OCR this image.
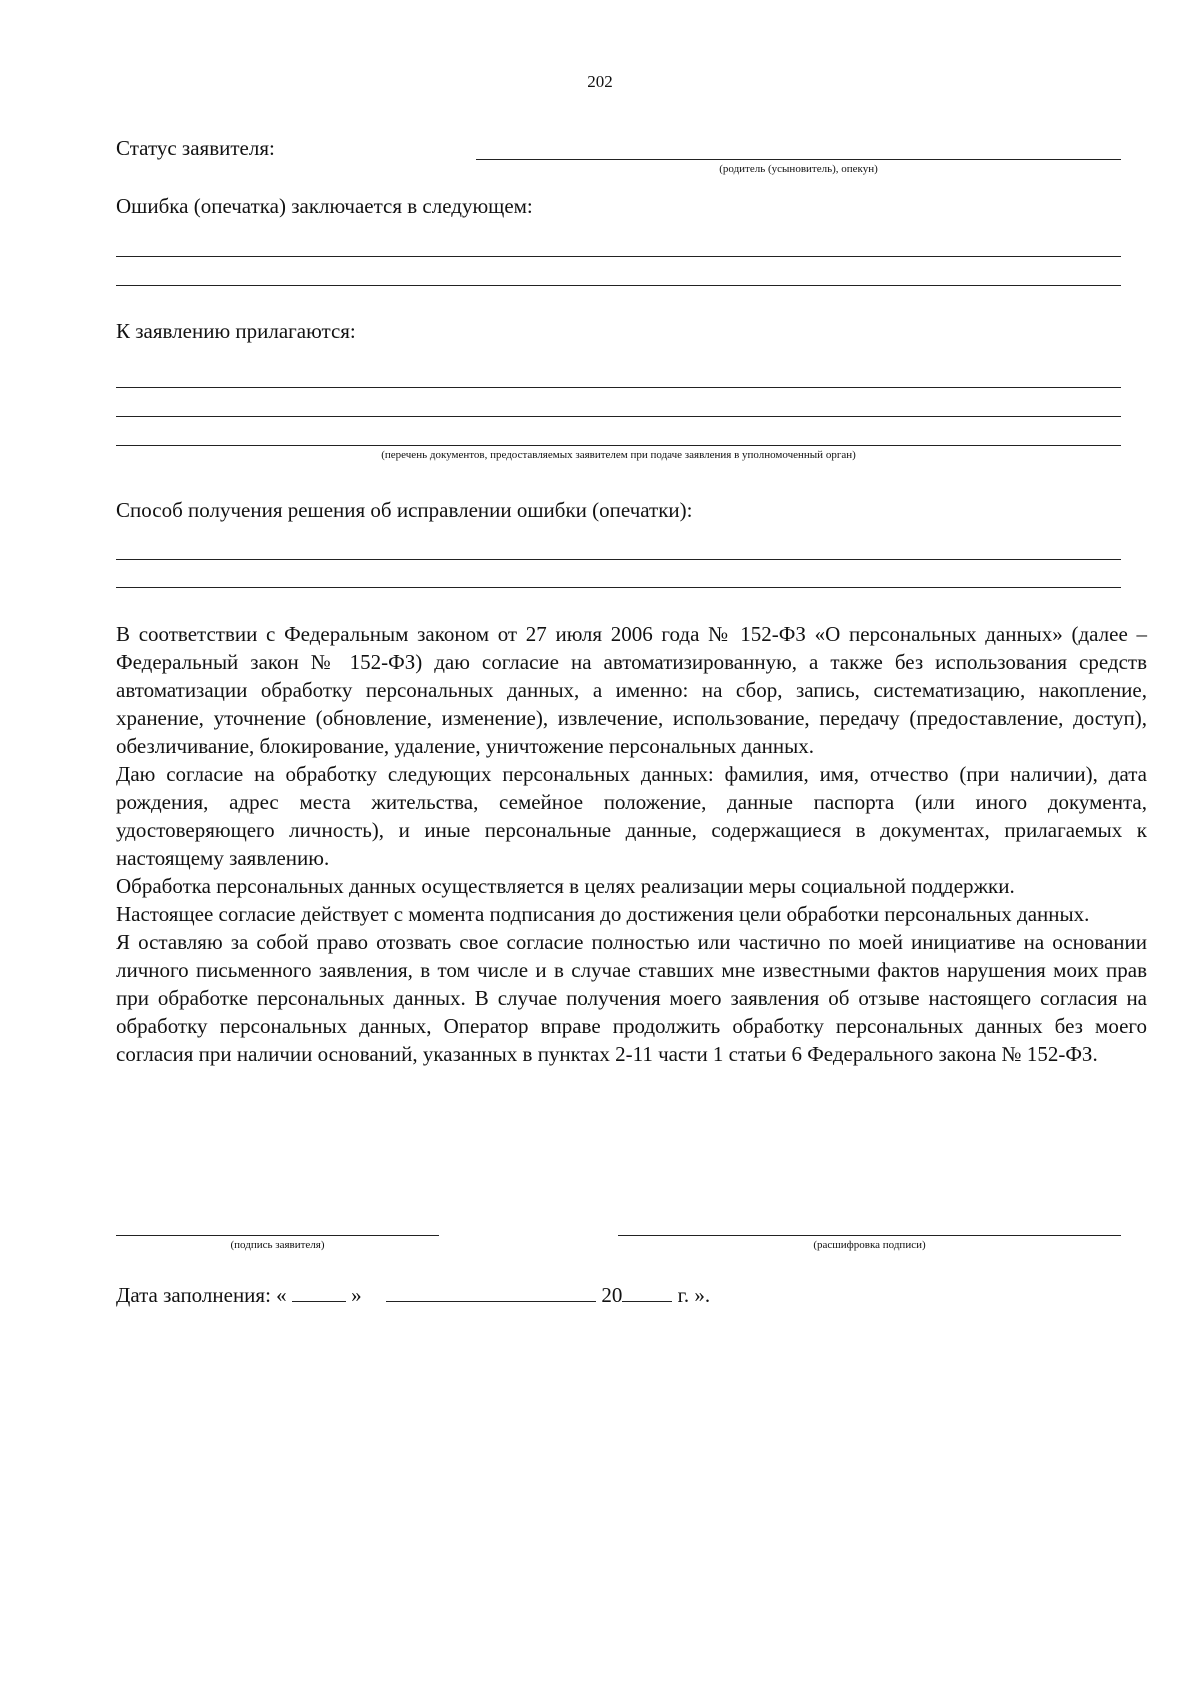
202
Статус заявителя:
(родитель (усыновитель), опекун)
Ошибка (опечатка) заключается в следующем:
К заявлению прилагаются:
(перечень документов, предоставляемых заявителем при подаче заявления в уполномоченный орган)
Способ получения решения об исправлении ошибки (опечатки):

В соответствии с Федеральным законом от 27 июля 2006 года № 152-ФЗ «О персональных данных» (далее – Федеральный закон № 152-ФЗ) даю согласие на автоматизированную, а также без использования средств автоматизации обработку персональных данных, а именно: на сбор, запись, систематизацию, накопление, хранение, уточнение (обновление, изменение), извлечение, использование, передачу (предоставление, доступ), обезличивание, блокирование, удаление, уничтожение персональных данных.

Даю согласие на обработку следующих персональных данных: фамилия, имя, отчество (при наличии), дата рождения, адрес места жительства, семейное положение, данные паспорта (или иного документа, удостоверяющего личность), и иные персональные данные, содержащиеся в документах, прилагаемых к настоящему заявлению.

Обработка персональных данных осуществляется в целях реализации меры социальной поддержки.

Настоящее согласие действует с момента подписания до достижения цели обработки персональных данных.

Я оставляю за собой право отозвать свое согласие полностью или частично по моей инициативе на основании личного письменного заявления, в том числе и в случае ставших мне известными фактов нарушения моих прав при обработке персональных данных. В случае получения моего заявления об отзыве настоящего согласия на обработку персональных данных, Оператор вправе продолжить обработку персональных данных без моего согласия при наличии оснований, указанных в пунктах 2-11 части 1 статьи 6 Федерального закона № 152-ФЗ.

(подпись заявителя)	(расшифровка подписи)
Дата заполнения: «	»	20	г. ».
